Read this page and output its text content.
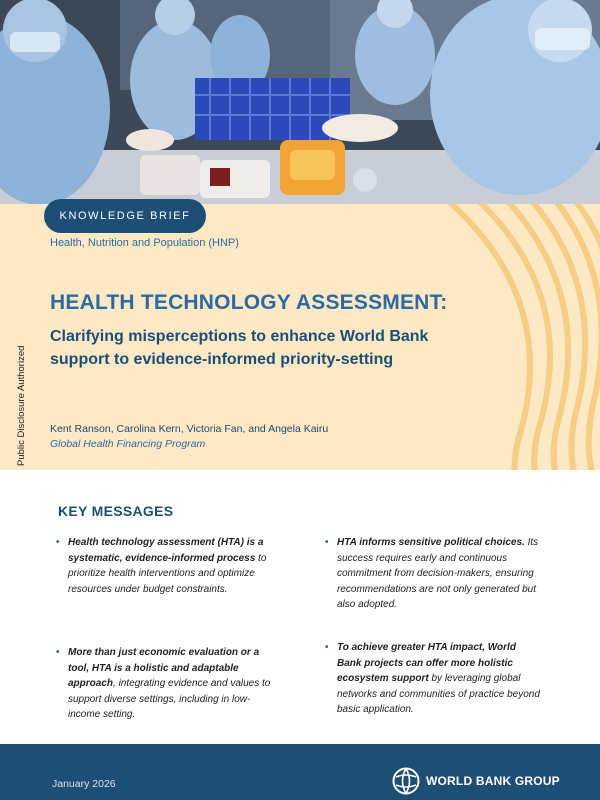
KNOWLEDGE BRIEF
Health, Nutrition and Population (HNP)
HEALTH TECHNOLOGY ASSESSMENT:
Clarifying misperceptions to enhance World Bank support to evidence-informed priority-setting
Kent Ranson, Carolina Kern, Victoria Fan, and Angela Kairu
Global Health Financing Program
Public Disclosure Authorized
KEY MESSAGES
• Health technology assessment (HTA) is a systematic, evidence-informed process to prioritize health interventions and optimize resources under budget constraints.
• More than just economic evaluation or a tool, HTA is a holistic and adaptable approach, integrating evidence and values to support diverse settings, including in low-income setting.
• HTA informs sensitive political choices. Its success requires early and continuous commitment from decision-makers, ensuring recommendations are not only generated but also adopted.
• To achieve greater HTA impact, World Bank projects can offer more holistic ecosystem support by leveraging global networks and communities of practice beyond basic application.
January 2026	WORLD BANK GROUP
